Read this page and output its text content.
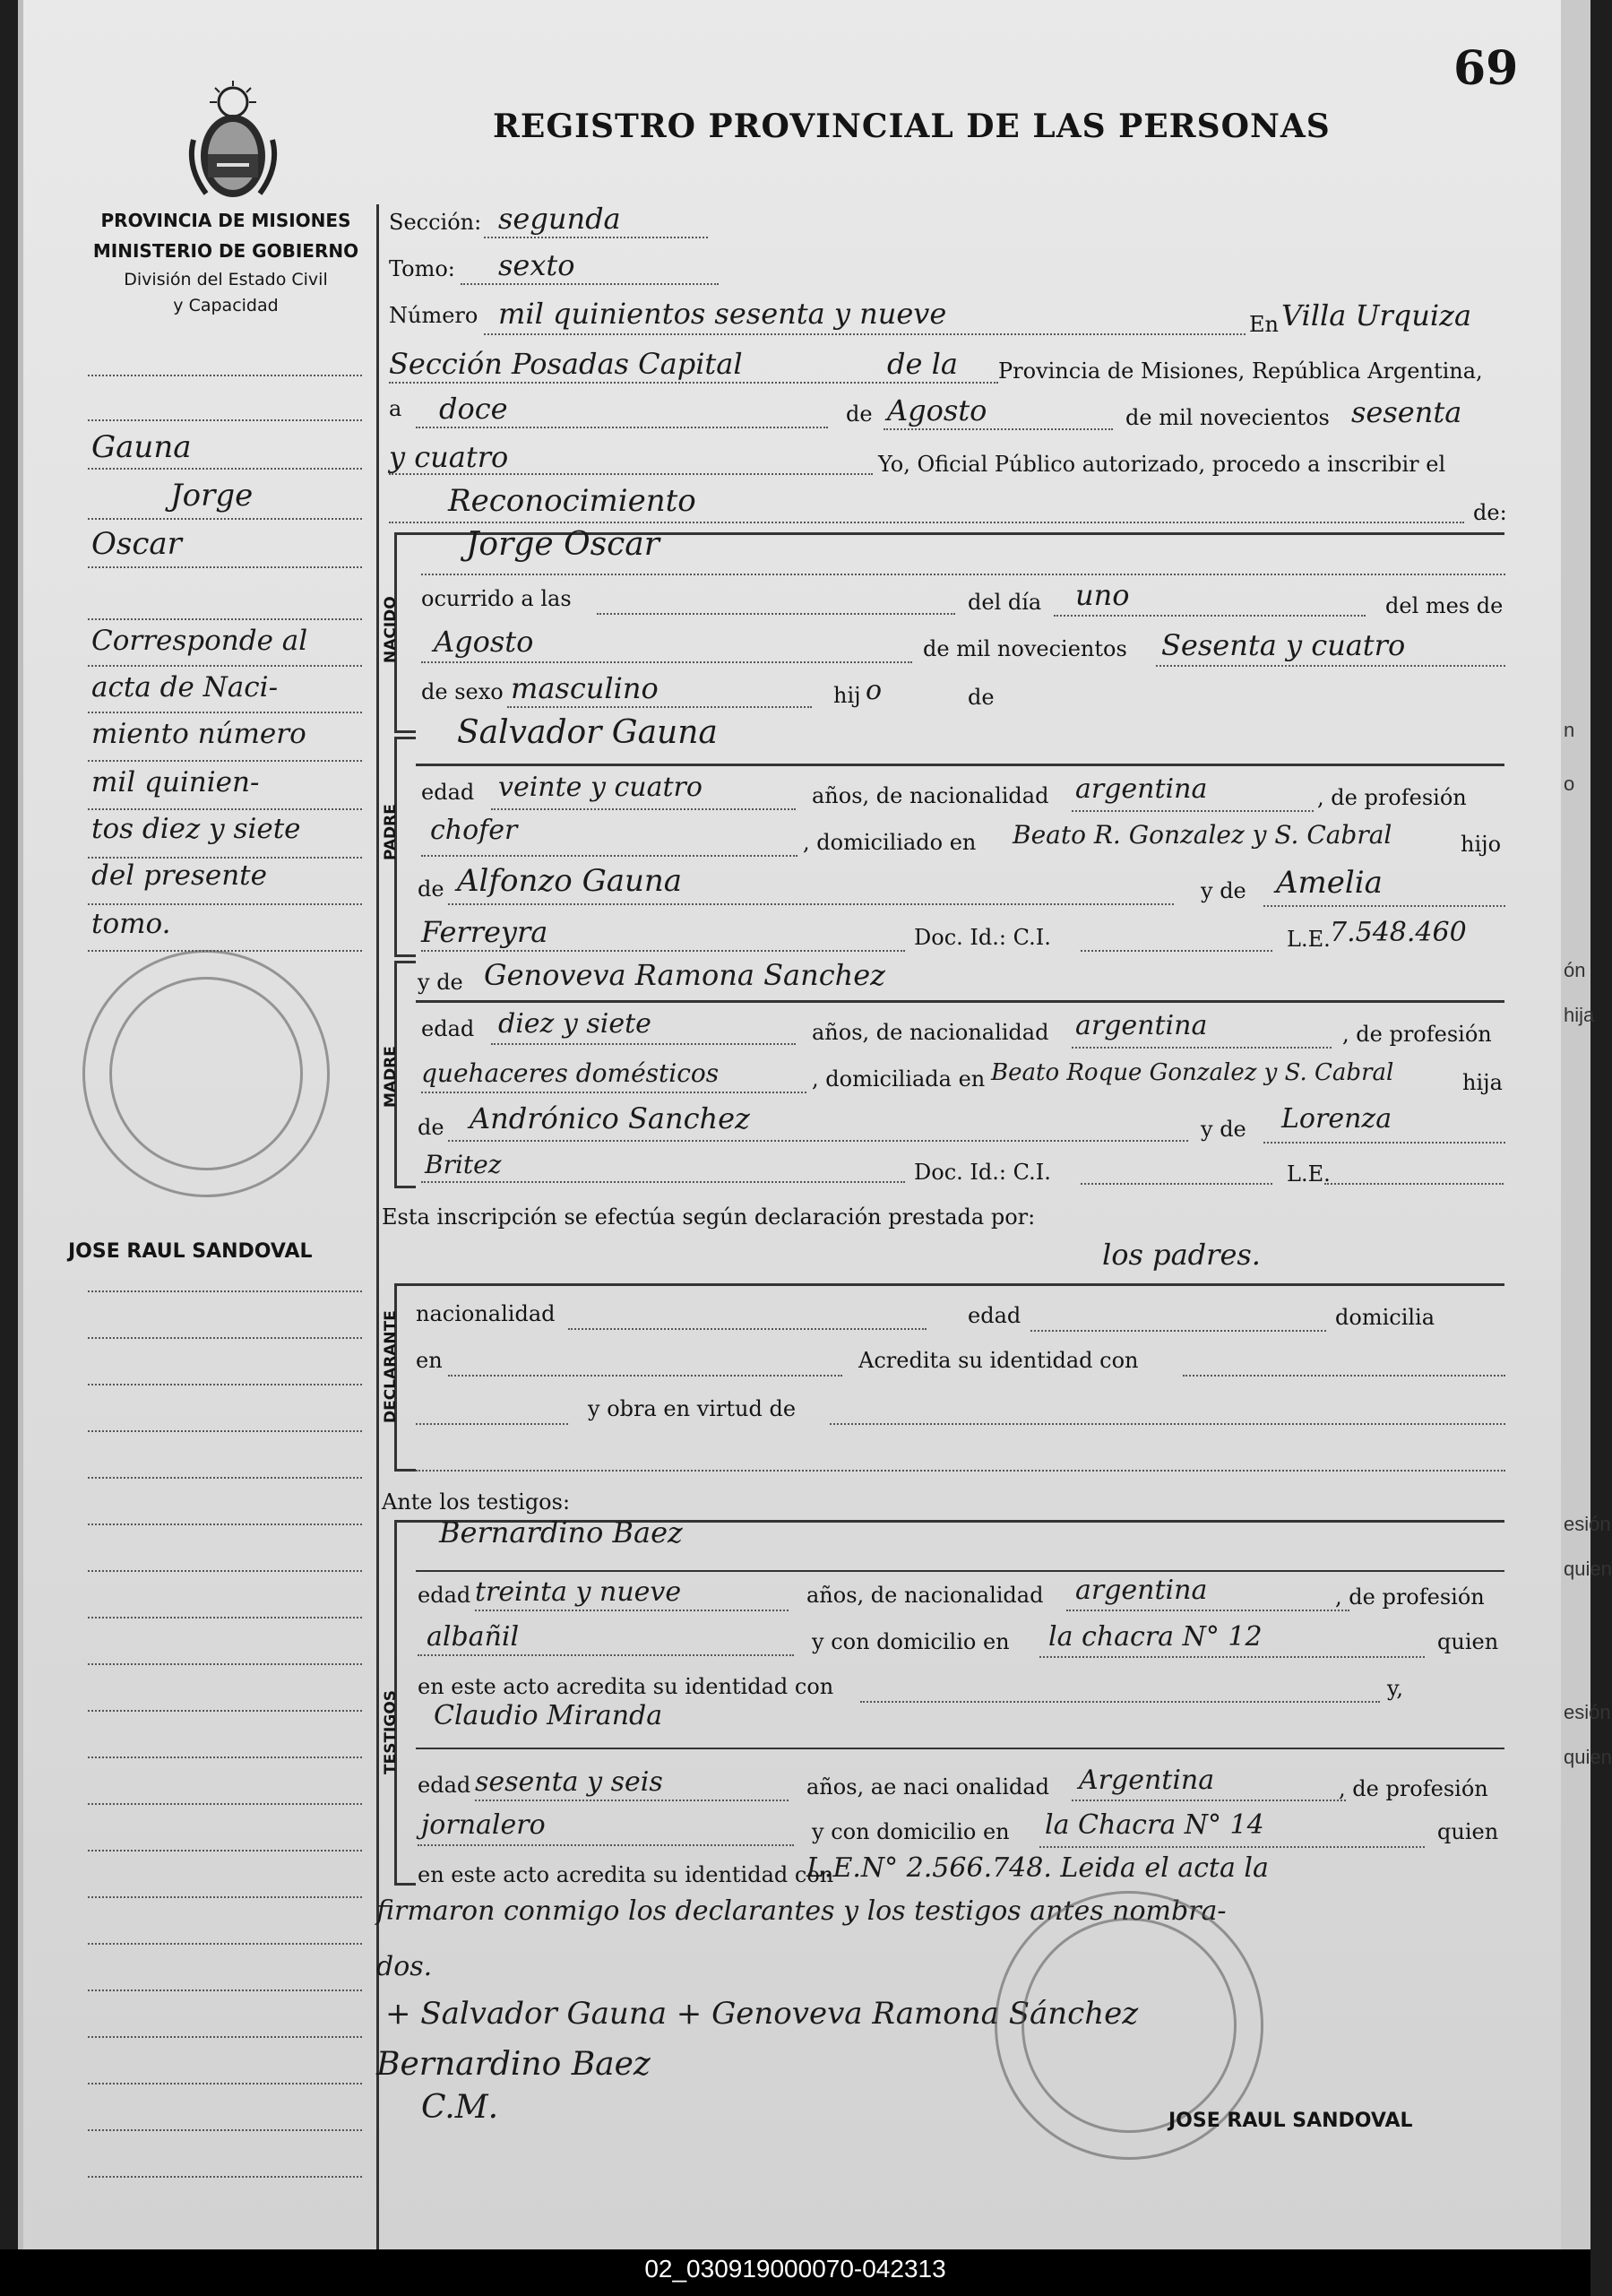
n
o
ón
hija
esión
quien
esión
quien
69
REGISTRO PROVINCIAL DE LAS PERSONAS
PROVINCIA DE MISIONES
MINISTERIO DE GOBIERNO
División del Estado Civil
y Capacidad
Gauna
Jorge
Oscar
Corresponde al
acta de Naci-
miento número
mil quinien-
tos diez y siete
del presente
tomo.
JOSE RAUL SANDOVAL
Sección: segunda
Tomo: sexto
Número mil quinientos sesenta y nueve	En Villa Urquiza
Sección Posadas Capital	de la Provincia de Misiones, República Argentina,
a doce	de Agosto	de mil novecientos sesenta
y cuatro	Yo, Oficial Público autorizado, procedo a inscribir el
Reconocimiento	de:
NACIDO
Jorge Oscar
ocurrido a las	del día uno	del mes de
Agosto	de mil novecientos Sesenta y cuatro
de sexo masculino	hij o	de
PADRE
Salvador Gauna
edad veinte y cuatro	años, de nacionalidad argentina	, de profesión
chofer	, domiciliado en Beato R. Gonzalez y S. Cabral	hijo
de Alfonzo Gauna	y de Amelia
Ferreyra	Doc. Id.: C.I.	L.E. 7.548.460
MADRE
y de Genoveva Ramona Sanchez
edad diez y siete	años, de nacionalidad argentina	, de profesión
quehaceres domésticos	, domiciliada en Beato Roque Gonzalez y S. Cabral	hija
de Andrónico Sanchez	y de Lorenza
Britez	Doc. Id.: C.I.	L.E.
Esta inscripción se efectúa según declaración prestada por:
los padres.
DECLARANTE nacionalidad	edad	domicilia
en	Acredita su identidad con
y obra en virtud de
Ante los testigos:
TESTIGOS
Bernardino Baez
edad treinta y nueve	años, de nacionalidad argentina	, de profesión
albañil	y con domicilio en la chacra N° 12	quien
en este acto acredita su identidad con	y,
Claudio Miranda
edad sesenta y seis	años, ae naci onalidad Argentina	, de profesión
jornalero	y con domicilio en la Chacra N° 14	quien
en este acto acredita su identidad con
L.E.N° 2.566.748. Leida el acta la
firmaron conmigo los declarantes y los testigos antes nombra-
dos.
+ Salvador Gauna + Genoveva Ramona Sánchez
Bernardino Baez
C.M.	JOSE RAUL SANDOVAL
02_030919000070-042313
